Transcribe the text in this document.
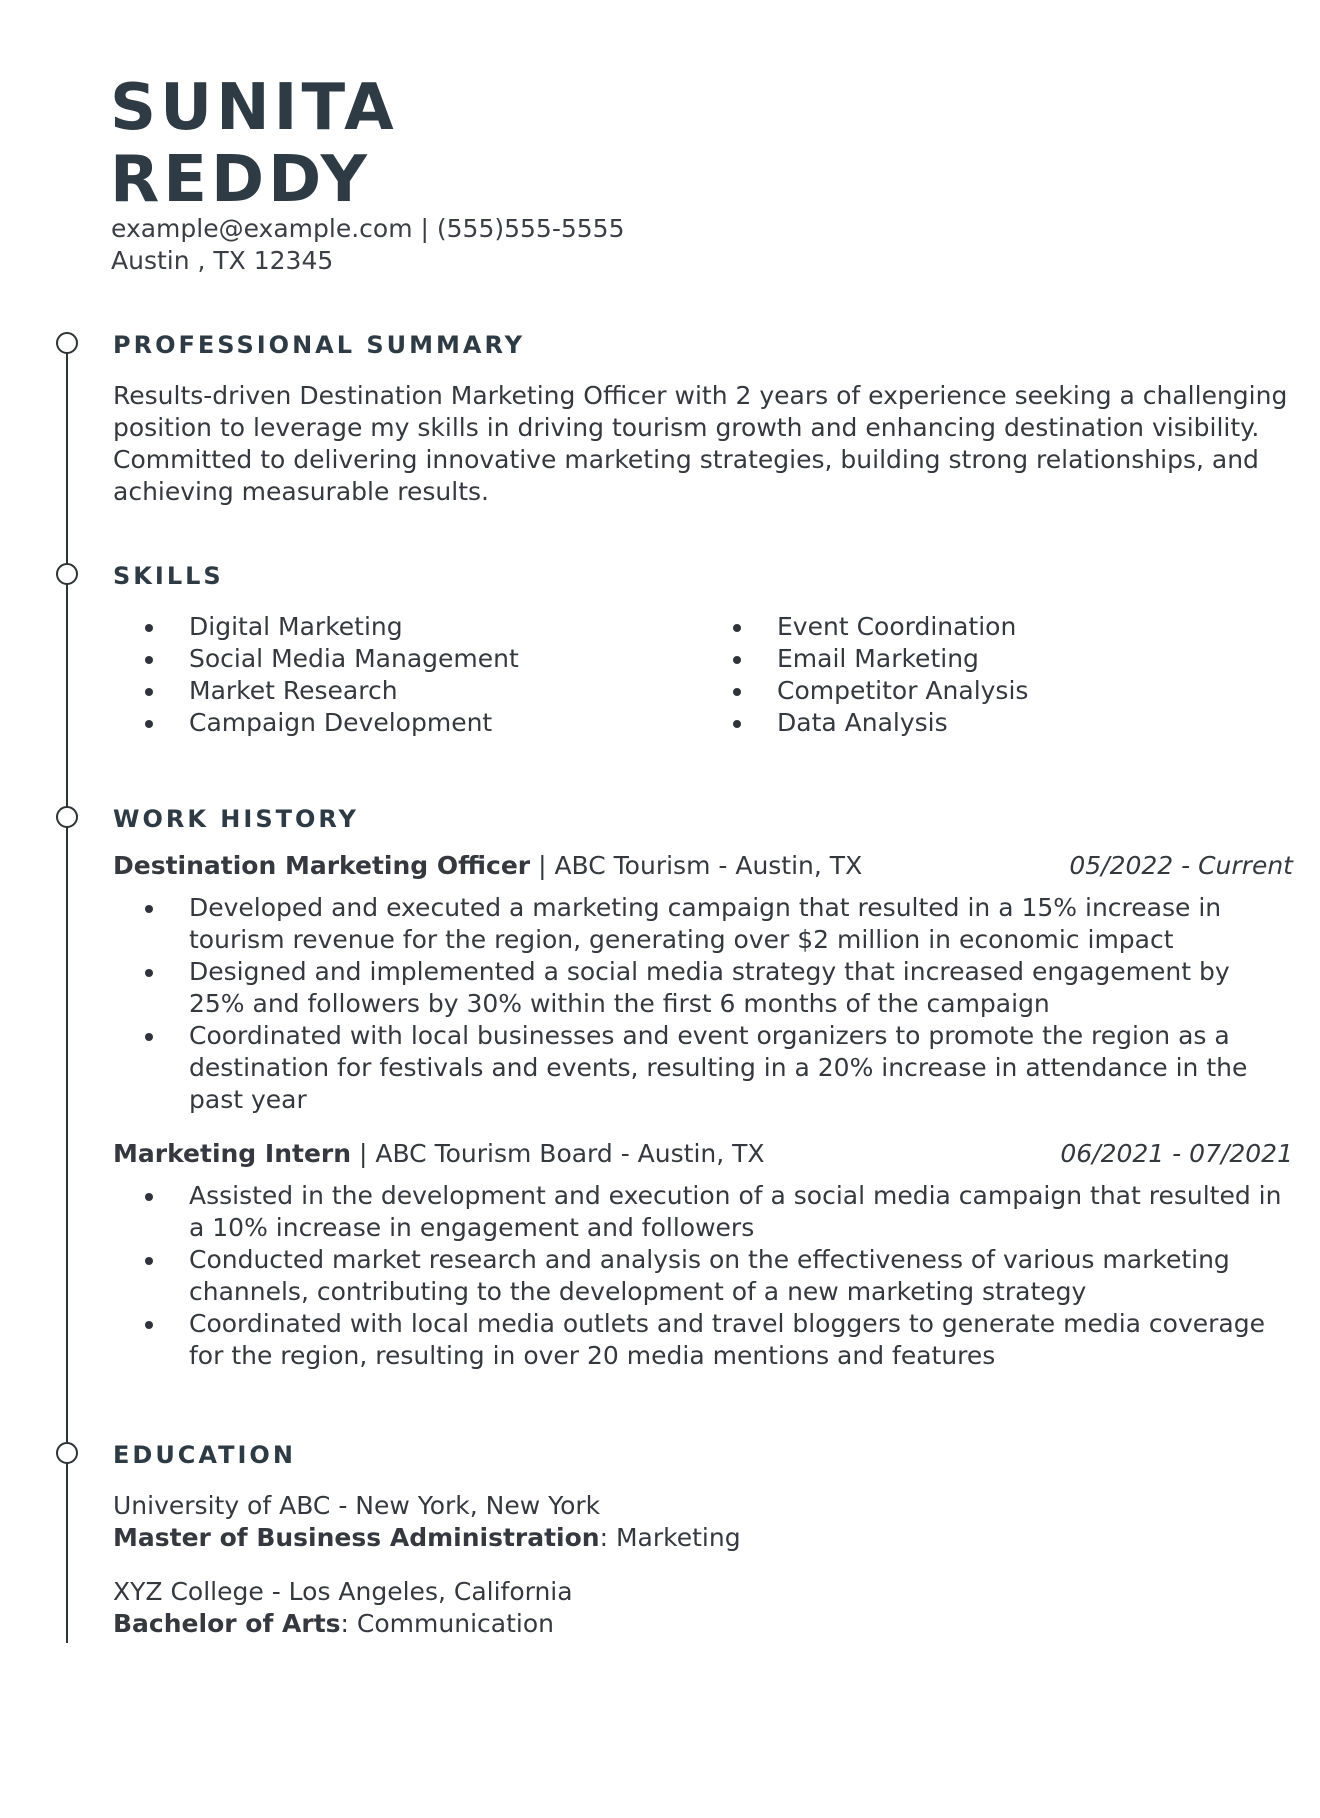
SUNITA
REDDY
example@example.com | (555)555-5555
Austin , TX 12345
PROFESSIONAL SUMMARY
Results-driven Destination Marketing Officer with 2 years of experience seeking a challenging position to leverage my skills in driving tourism growth and enhancing destination visibility. Committed to delivering innovative marketing strategies, building strong relationships, and achieving measurable results.
SKILLS
Digital Marketing
Social Media Management
Market Research
Campaign Development
Event Coordination
Email Marketing
Competitor Analysis
Data Analysis
WORK HISTORY
Destination Marketing Officer | ABC Tourism - Austin, TX	05/2022 - Current
Developed and executed a marketing campaign that resulted in a 15% increase in tourism revenue for the region, generating over $2 million in economic impact
Designed and implemented a social media strategy that increased engagement by 25% and followers by 30% within the first 6 months of the campaign
Coordinated with local businesses and event organizers to promote the region as a destination for festivals and events, resulting in a 20% increase in attendance in the past year
Marketing Intern | ABC Tourism Board - Austin, TX	06/2021 - 07/2021
Assisted in the development and execution of a social media campaign that resulted in a 10% increase in engagement and followers
Conducted market research and analysis on the effectiveness of various marketing channels, contributing to the development of a new marketing strategy
Coordinated with local media outlets and travel bloggers to generate media coverage for the region, resulting in over 20 media mentions and features
EDUCATION
University of ABC - New York, New York
Master of Business Administration: Marketing
XYZ College - Los Angeles, California
Bachelor of Arts: Communication
